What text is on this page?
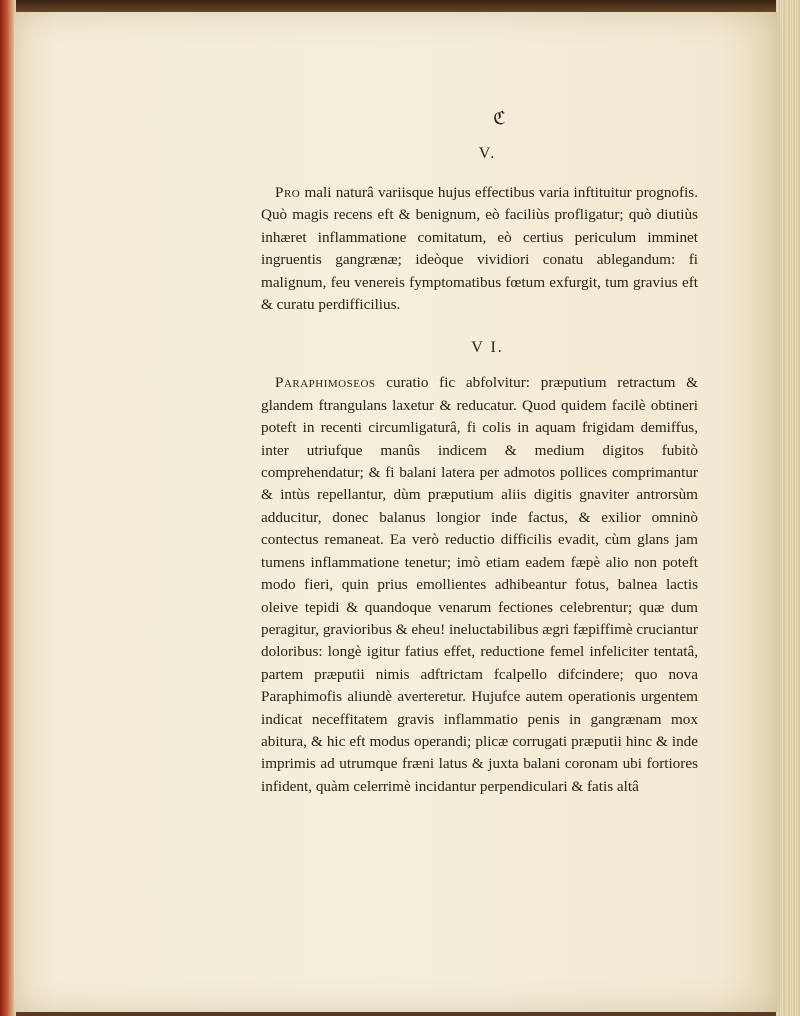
ℭ
V.

Pro mali naturâ variisque hujus effectibus varia inftituitur prognofis. Quò magis recens eft & benignum, eò faciliùs profligatur; quò diutiùs inhæret inflammatione comitatum, eò certius periculum imminet ingruentis gangrænæ; ideòque vividiori conatu ablegandum: fi malignum, feu venereis fymptomatibus fœtum exfurgit, tum gravius eft & curatu perdifficilius.

V I.

Paraphimoseos curatio fic abfolvitur: præputium retractum & glandem ftrangulans laxetur & reducatur. Quod quidem facilè obtineri poteft in recenti circumligaturâ, fi colis in aquam frigidam demiffus, inter utriufque manûs indicem & medium digitos fubitò comprehendatur; & fi balani latera per admotos pollices comprimantur & intùs repellantur, dùm præputium aliis digitis gnaviter antrorsùm adducitur, donec balanus longior inde factus, & exilior omninò contectus remaneat. Ea verò reductio difficilis evadit, cùm glans jam tumens inflammatione tenetur; imò etiam eadem fæpè alio non poteft modo fieri, quin prius emollientes adhibeantur fotus, balnea lactis oleive tepidi & quandoque venarum fectiones celebrentur; quæ dum peragitur, gravioribus & eheu! ineluctabilibus ægri fæpiffimè cruciantur doloribus: longè igitur fatius effet, reductione femel infeliciter tentatâ, partem præputii nimis adftrictam fcalpello difcindere; quo nova Paraphimofis aliundè averteretur. Hujufce autem operationis urgentem indicat neceffitatem gravis inflammatio penis in gangrænam mox abitura, & hic eft modus operandi; plicæ corrugati præputii hinc & inde imprimis ad utrumque fræni latus & juxta balani coronam ubi fortiores infident, quàm celerrimè incidantur perpendiculari & fatis altâ
